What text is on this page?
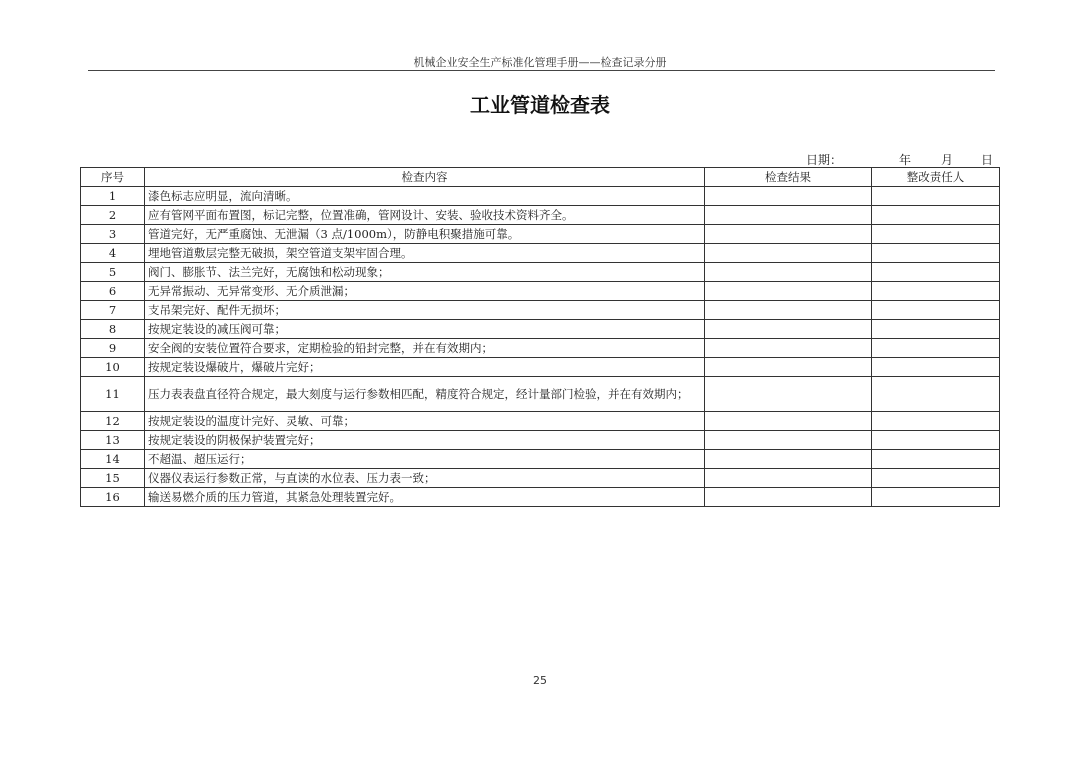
机械企业安全生产标准化管理手册——检查记录分册
工业管道检查表
日期：	年 月 日
序号	检查内容	检查结果	整改责任人
1	漆色标志应明显，流向清晰。		
2	应有管网平面布置图，标记完整，位置准确，管网设计、安装、验收技术资料齐全。		
3	管道完好，无严重腐蚀、无泄漏（3 点/1000m），防静电积聚措施可靠。		
4	埋地管道敷层完整无破损，架空管道支架牢固合理。		
5	阀门、膨胀节、法兰完好，无腐蚀和松动现象；		
6	无异常振动、无异常变形、无介质泄漏；		
7	支吊架完好、配件无损坏；		
8	按规定装设的减压阀可靠；		
9	安全阀的安装位置符合要求，定期检验的铅封完整，并在有效期内；		
10	按规定装设爆破片，爆破片完好；		
11	压力表表盘直径符合规定，最大刻度与运行参数相匹配，精度符合规定，经计量部门检验，并在有效期内；		
12	按规定装设的温度计完好、灵敏、可靠；		
13	按规定装设的阴极保护装置完好；		
14	不超温、超压运行；		
15	仪器仪表运行参数正常，与直读的水位表、压力表一致；		
16	输送易燃介质的压力管道，其紧急处理装置完好。		
25
